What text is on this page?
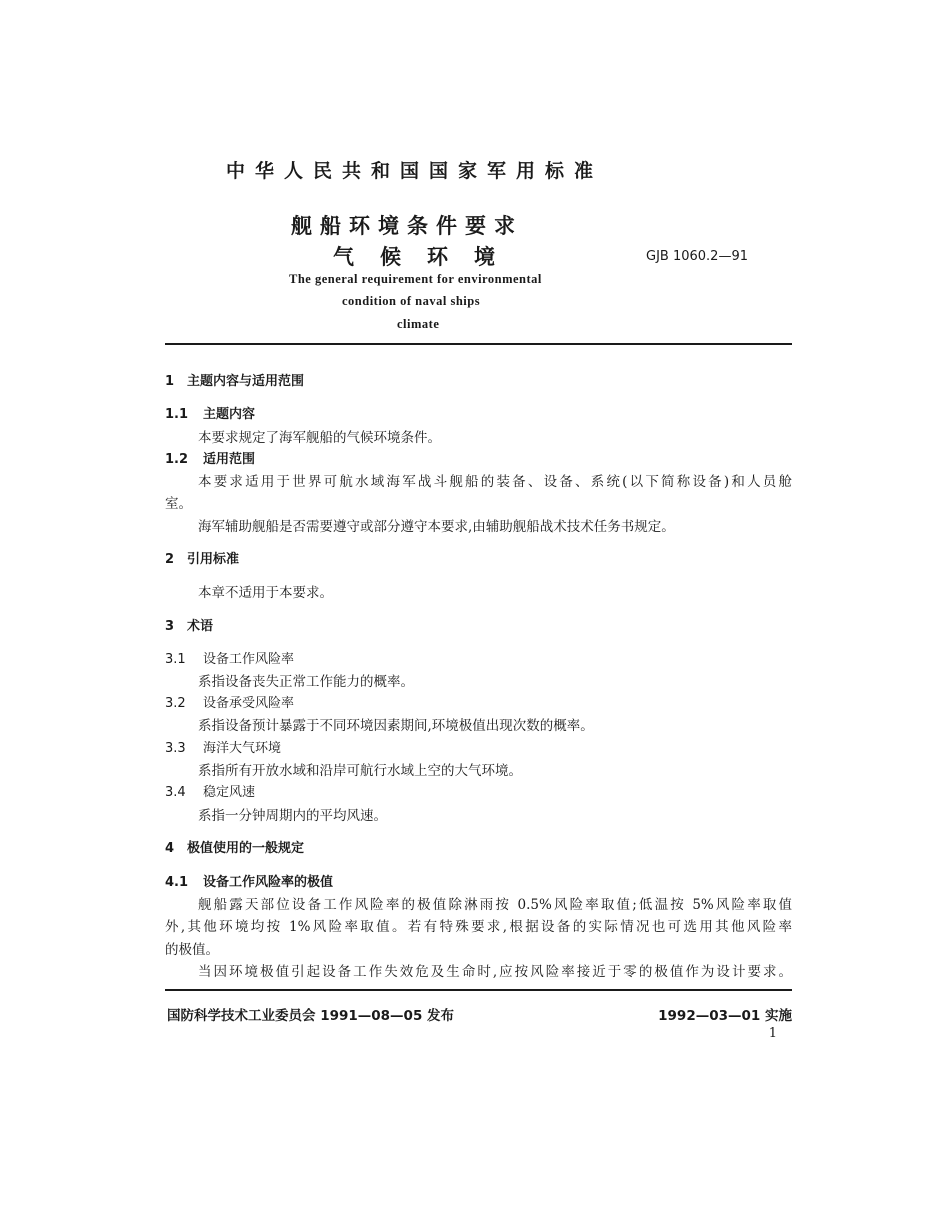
中华人民共和国国家军用标准
舰船环境条件要求
气候环境	GJB 1060.2—91
The general requirement for environmental
condition of naval ships
climate
1 主题内容与适用范围
1.1 主题内容
本要求规定了海军舰船的气候环境条件。
1.2 适用范围
本要求适用于世界可航水域海军战斗舰船的装备、设备、系统(以下简称设备)和人员舱
室。
海军辅助舰船是否需要遵守或部分遵守本要求,由辅助舰船战术技术任务书规定。
2 引用标准
本章不适用于本要求。
3 术语
3.1 设备工作风险率
系指设备丧失正常工作能力的概率。
3.2 设备承受风险率
系指设备预计暴露于不同环境因素期间,环境极值出现次数的概率。
3.3 海洋大气环境
系指所有开放水域和沿岸可航行水域上空的大气环境。
3.4 稳定风速
系指一分钟周期内的平均风速。
4 极值使用的一般规定
4.1 设备工作风险率的极值
舰船露天部位设备工作风险率的极值除淋雨按 0.5%风险率取值;低温按 5%风险率取值
外,其他环境均按 1%风险率取值。若有特殊要求,根据设备的实际情况也可选用其他风险率
的极值。
当因环境极值引起设备工作失效危及生命时,应按风险率接近于零的极值作为设计要求。
国防科学技术工业委员会 1991—08—05 发布	1992—03—01 实施
1
